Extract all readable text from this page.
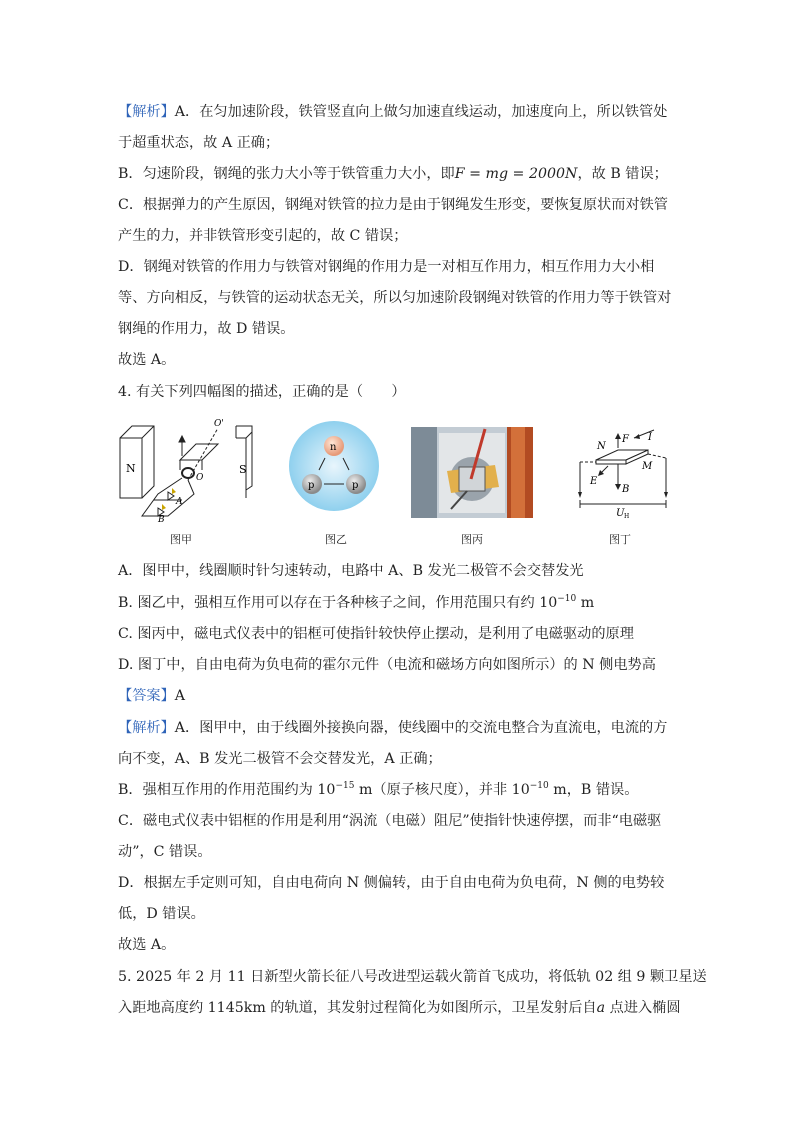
【解析】A．在匀加速阶段，铁管竖直向上做匀加速直线运动，加速度向上，所以铁管处
于超重状态，故 A 正确；
B．匀速阶段，钢绳的张力大小等于铁管重力大小，即F = mg = 2000N，故 B 错误；
C．根据弹力的产生原因，钢绳对铁管的拉力是由于钢绳发生形变，要恢复原状而对铁管
产生的力，并非铁管形变引起的，故 C 错误；
D．钢绳对铁管的作用力与铁管对钢绳的作用力是一对相互作用力，相互作用力大小相
等、方向相反，与铁管的运动状态无关，所以匀加速阶段钢绳对铁管的作用力等于铁管对
钢绳的作用力，故 D 错误。
故选 A。
4. 有关下列四幅图的描述，正确的是（　　）
N	S
O'
O
A
B
n
p	p
N
M
F I
E
B
U H
图甲	图乙	图丙	图丁
A．图甲中，线圈顺时针匀速转动，电路中 A、B 发光二极管不会交替发光
B. 图乙中，强相互作用可以存在于各种核子之间，作用范围只有约 $10^{-10}$ m
C. 图丙中，磁电式仪表中的铝框可使指针较快停止摆动，是利用了电磁驱动的原理
D. 图丁中，自由电荷为负电荷的霍尔元件（电流和磁场方向如图所示）的 N 侧电势高
【答案】A
【解析】A．图甲中，由于线圈外接换向器，使线圈中的交流电整合为直流电，电流的方
向不变，A、B 发光二极管不会交替发光，A 正确；
B．强相互作用的作用范围约为 $10^{-15}$ m（原子核尺度），并非 $10^{-10}$ m，B 错误。
C．磁电式仪表中铝框的作用是利用“涡流（电磁）阻尼”使指针快速停摆，而非“电磁驱
动”，C 错误。
D．根据左手定则可知，自由电荷向 N 侧偏转，由于自由电荷为负电荷，N 侧的电势较
低，D 错误。
故选 A。
5. 2025 年 2 月 11 日新型火箭长征八号改进型运载火箭首飞成功，将低轨 02 组 9 颗卫星送
入距地高度约 1145km 的轨道，其发射过程简化为如图所示，卫星发射后自a 点进入椭圆
